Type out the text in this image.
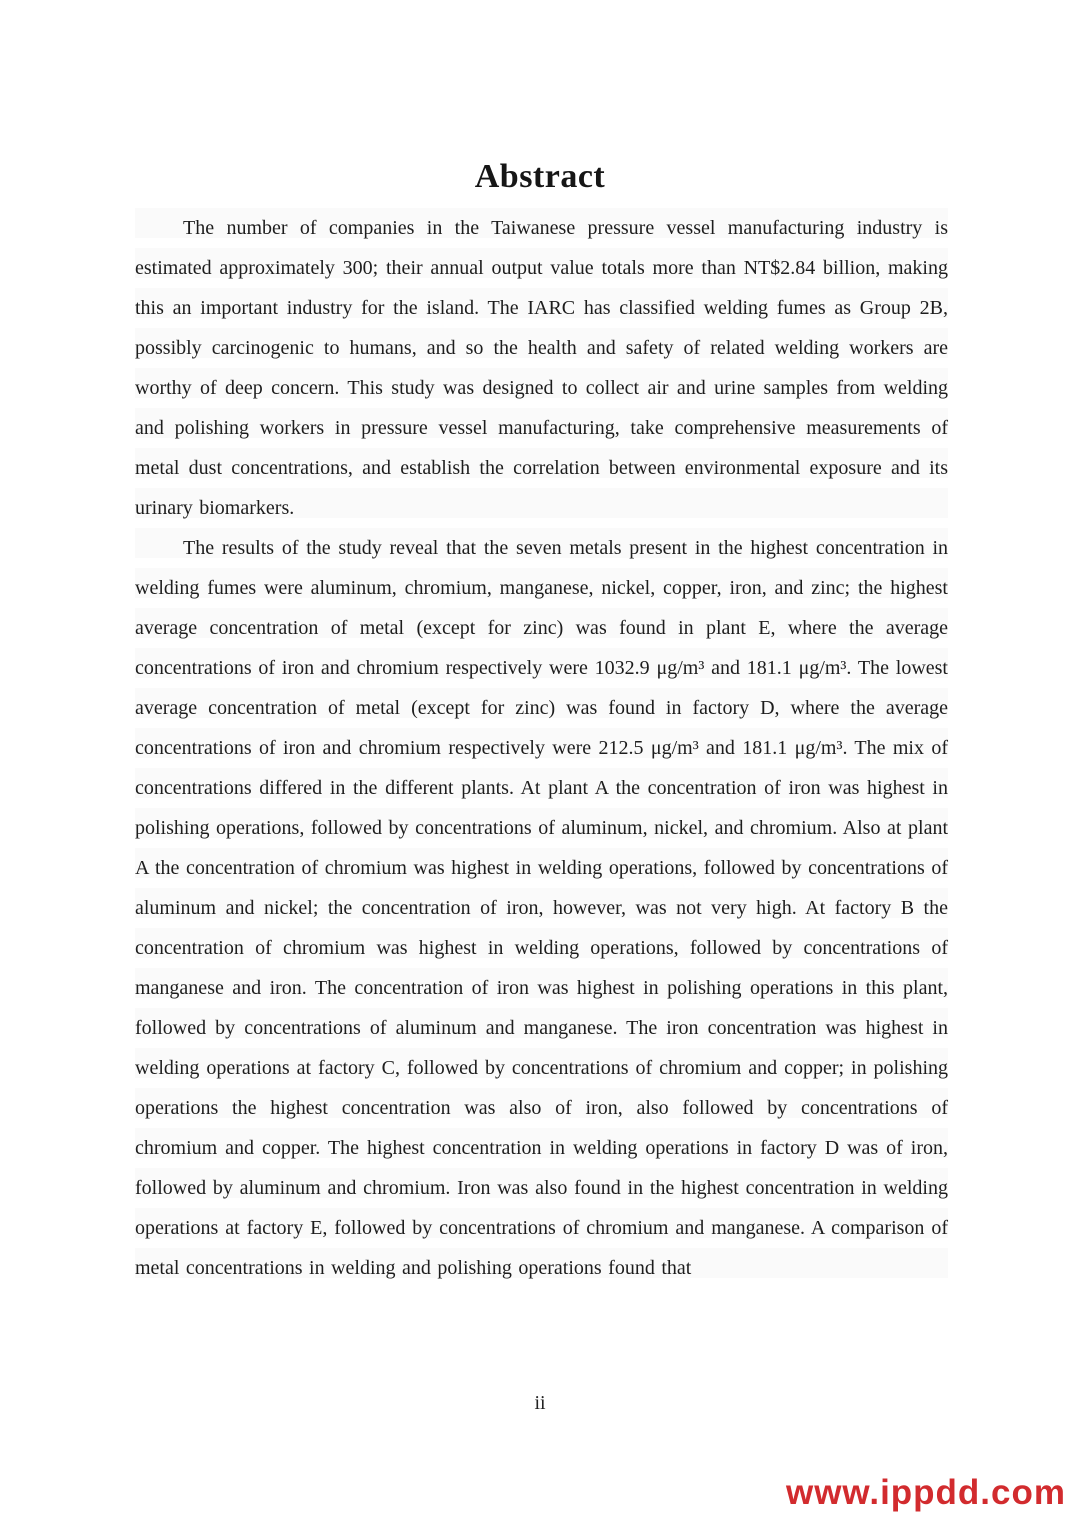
Abstract

The number of companies in the Taiwanese pressure vessel manufacturing industry is estimated approximately 300; their annual output value totals more than NT$2.84 billion, making this an important industry for the island. The IARC has classified welding fumes as Group 2B, possibly carcinogenic to humans, and so the health and safety of related welding workers are worthy of deep concern. This study was designed to collect air and urine samples from welding and polishing workers in pressure vessel manufacturing, take comprehensive measurements of metal dust concentrations, and establish the correlation between environmental exposure and its urinary biomarkers.

The results of the study reveal that the seven metals present in the highest concentration in welding fumes were aluminum, chromium, manganese, nickel, copper, iron, and zinc; the highest average concentration of metal (except for zinc) was found in plant E, where the average concentrations of iron and chromium respectively were 1032.9 μg/m³ and 181.1 μg/m³. The lowest average concentration of metal (except for zinc) was found in factory D, where the average concentrations of iron and chromium respectively were 212.5 μg/m³ and 181.1 μg/m³. The mix of concentrations differed in the different plants. At plant A the concentration of iron was highest in polishing operations, followed by concentrations of aluminum, nickel, and chromium. Also at plant A the concentration of chromium was highest in welding operations, followed by concentrations of aluminum and nickel; the concentration of iron, however, was not very high. At factory B the concentration of chromium was highest in welding operations, followed by concentrations of manganese and iron. The concentration of iron was highest in polishing operations in this plant, followed by concentrations of aluminum and manganese. The iron concentration was highest in welding operations at factory C, followed by concentrations of chromium and copper; in polishing operations the highest concentration was also of iron, also followed by concentrations of chromium and copper. The highest concentration in welding operations in factory D was of iron, followed by aluminum and chromium. Iron was also found in the highest concentration in welding operations at factory E, followed by concentrations of chromium and manganese. A comparison of metal concentrations in welding and polishing operations found that

ii
www.ippdd.com
